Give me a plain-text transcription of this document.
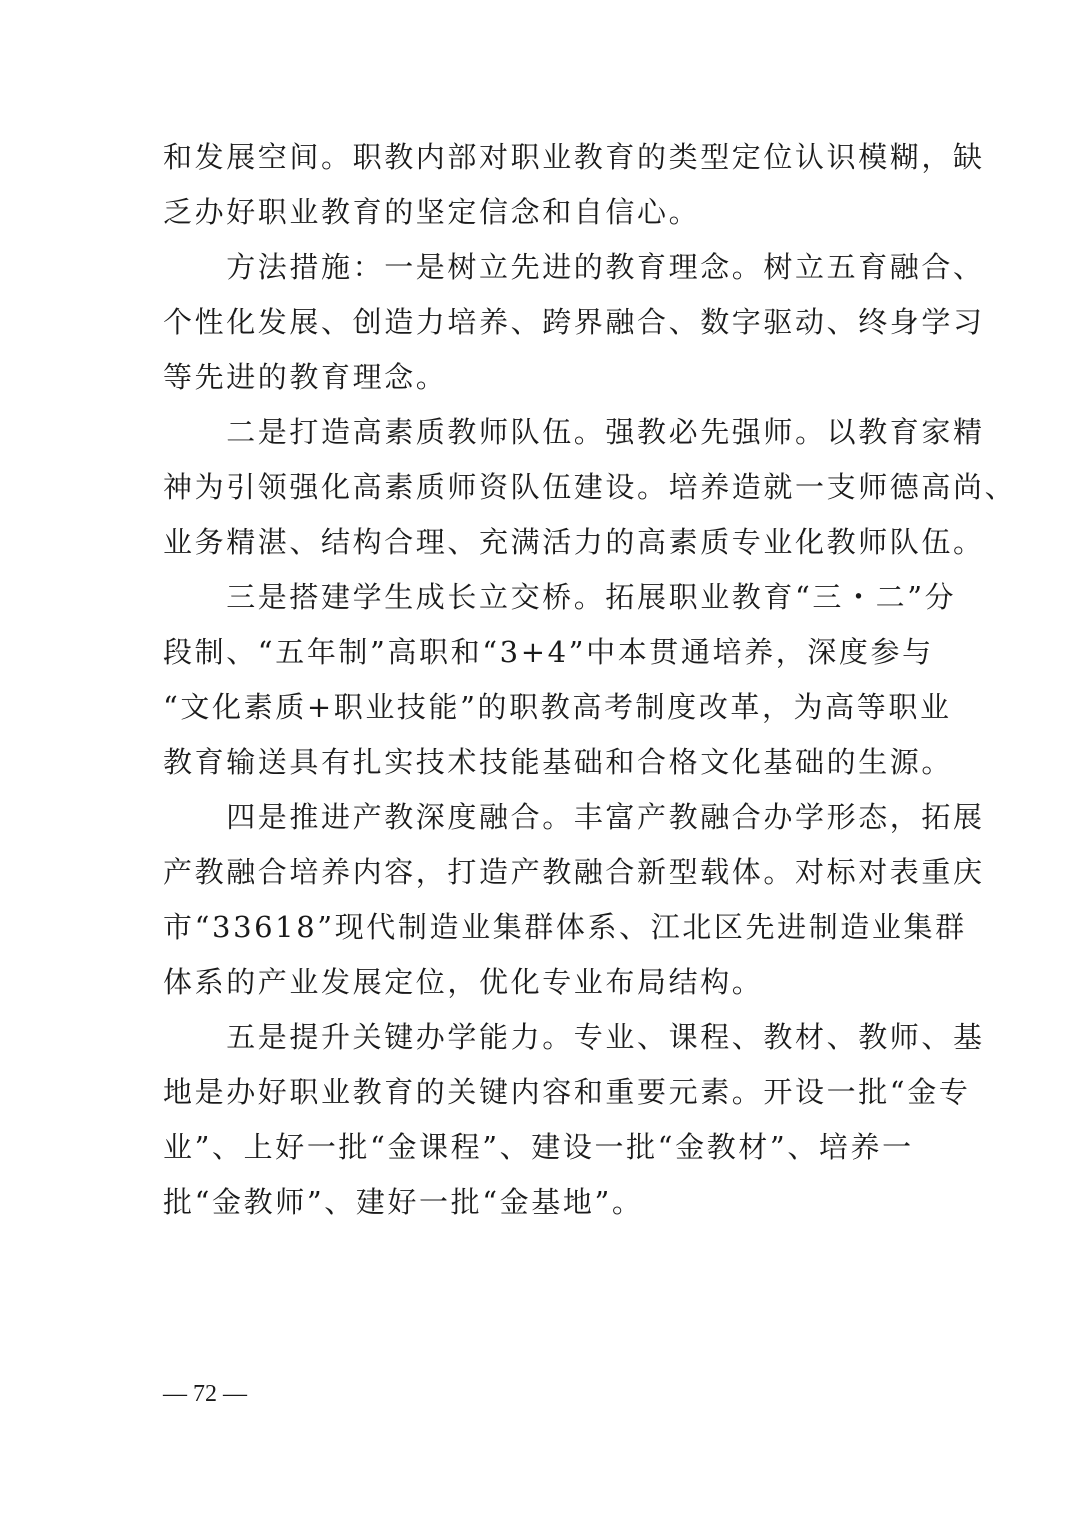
和发展空间。职教内部对职业教育的类型定位认识模糊，缺
乏办好职业教育的坚定信念和自信心。
　　方法措施：一是树立先进的教育理念。树立五育融合、
个性化发展、创造力培养、跨界融合、数字驱动、终身学习
等先进的教育理念。
　　二是打造高素质教师队伍。强教必先强师。以教育家精
神为引领强化高素质师资队伍建设。培养造就一支师德高尚、
业务精湛、结构合理、充满活力的高素质专业化教师队伍。
　　三是搭建学生成长立交桥。拓展职业教育“三・二”分
段制、“五年制”高职和“3+4”中本贯通培养，深度参与
“文化素质+职业技能”的职教高考制度改革，为高等职业
教育输送具有扎实技术技能基础和合格文化基础的生源。
　　四是推进产教深度融合。丰富产教融合办学形态，拓展
产教融合培养内容，打造产教融合新型载体。对标对表重庆
市“33618”现代制造业集群体系、江北区先进制造业集群
体系的产业发展定位，优化专业布局结构。
　　五是提升关键办学能力。专业、课程、教材、教师、基
地是办好职业教育的关键内容和重要元素。开设一批“金专
业”、上好一批“金课程”、建设一批“金教材”、培养一
批“金教师”、建好一批“金基地”。
— 72 —
